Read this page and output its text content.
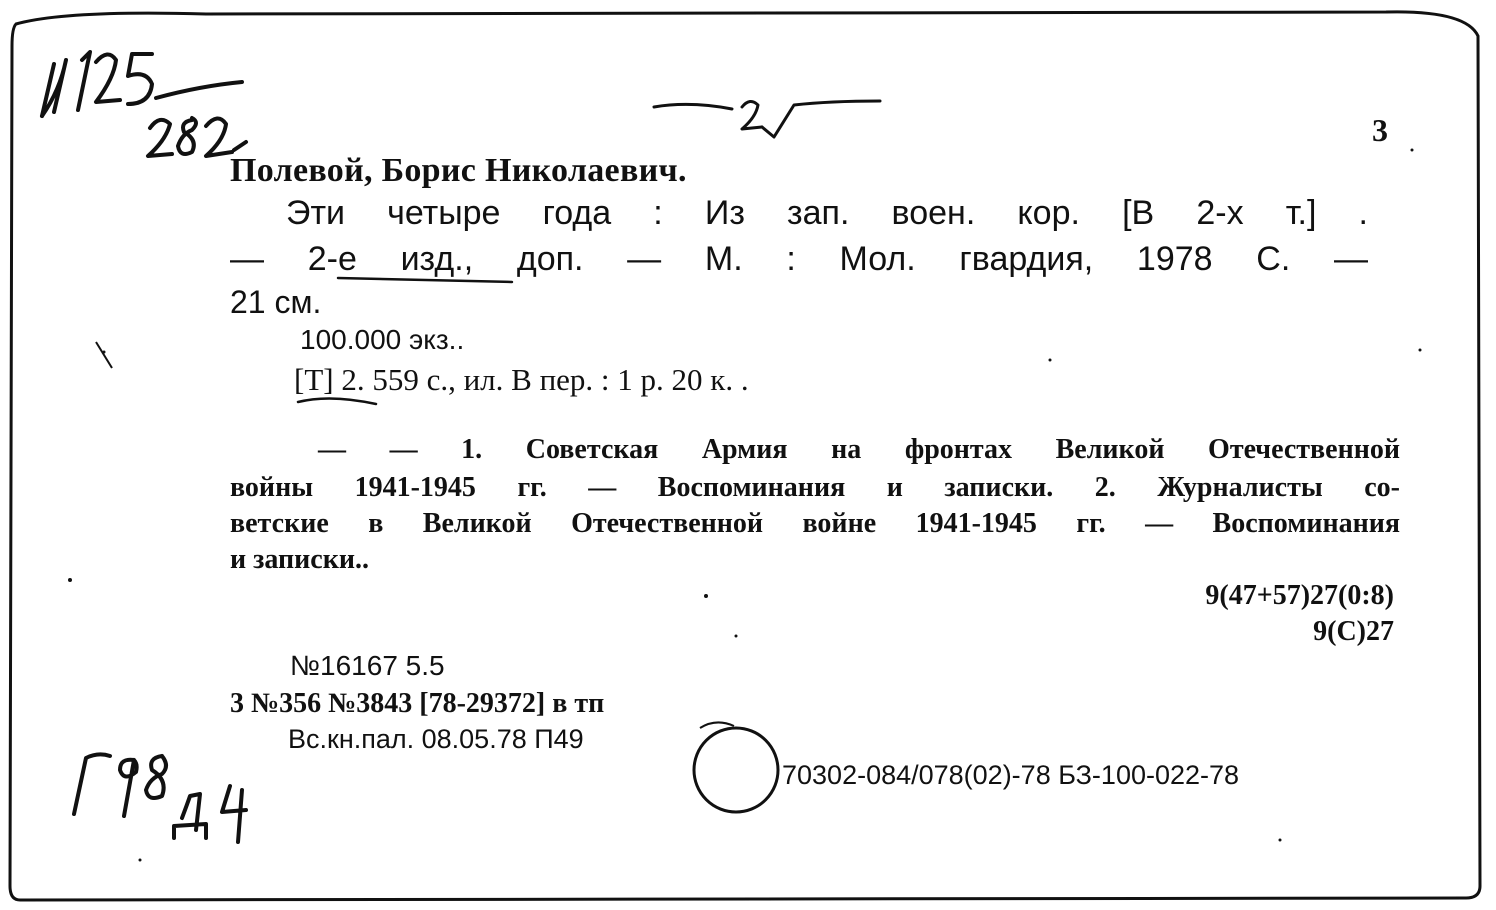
3
Полевой, Борис Николаевич.
Эти четыре года : Из зап. воен. кор. [В 2-х т.] .
— 2-е изд., доп. — М. : Мол. гвардия, 1978 С. —
21 см.
100.000 экз..
[Т] 2. 559 с., ил. В пер. : 1 р. 20 к. .
— — 1. Советская Армия на фронтах Великой Отечественной
войны 1941-1945 гг. — Воспоминания и записки. 2. Журналисты со-
ветские в Великой Отечественной войне 1941-1945 гг. — Воспоминания
и записки..
9(47+57)27(0:8)
9(С)27
№16167 5.5
3 №356 №3843 [78-29372] в тп
Вс.кн.пал. 08.05.78 П49
70302-084/078(02)-78 БЗ-100-022-78
